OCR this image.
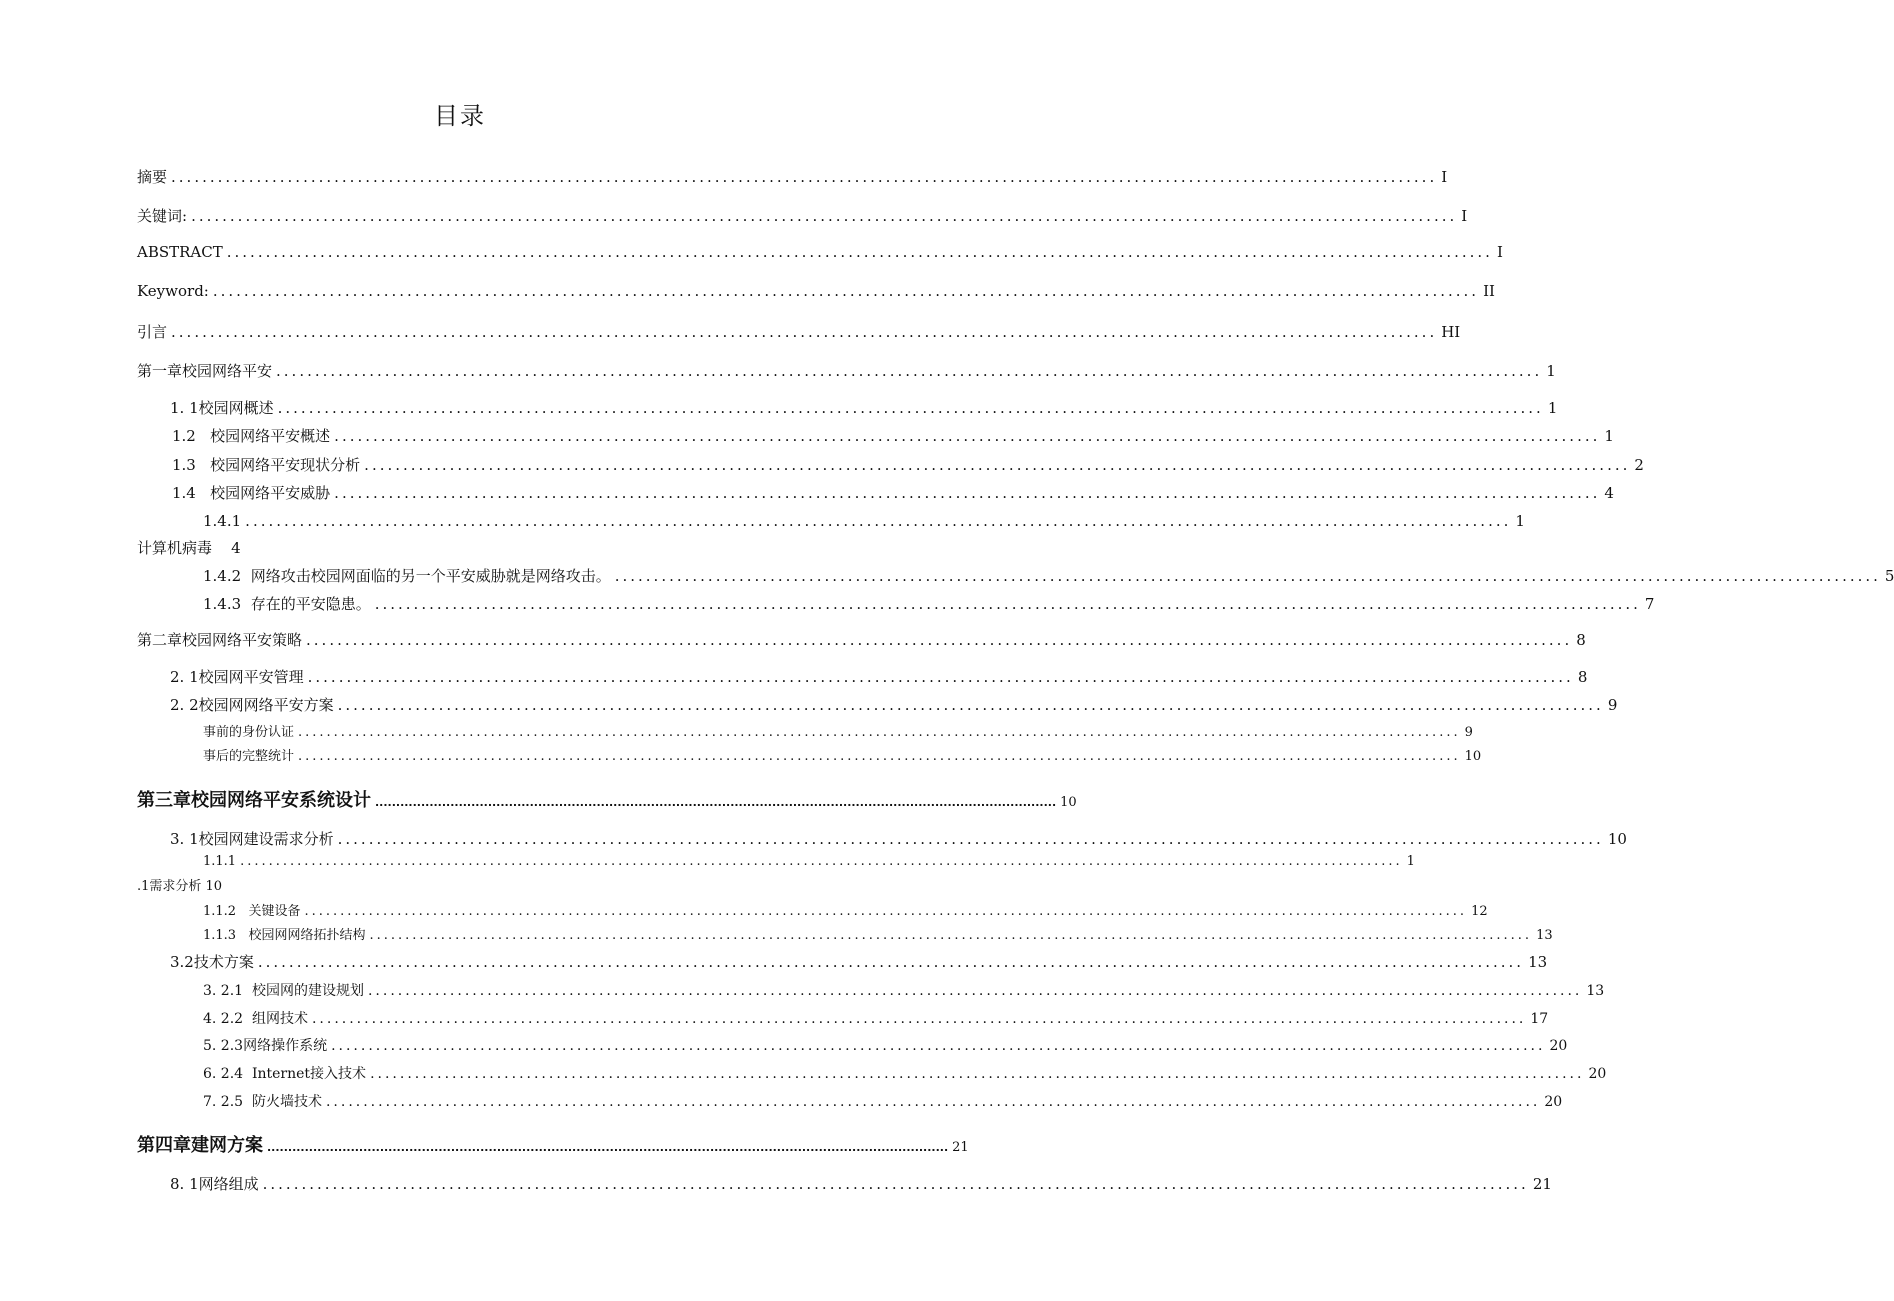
目录
摘要 ................................................................................................................................................................... I
关键词: ................................................................................................................................................................... I
ABSTRACT ................................................................................................................................................................... I
Keyword: ................................................................................................................................................................... II
引言 ................................................................................................................................................................... HI
第一章校园网络平安 ................................................................................................................................................................... 1
1. 1校园网概述 ................................................................................................................................................................... 1
1.2   校园网络平安概述 ................................................................................................................................................................... 1
1.3   校园网络平安现状分析 ................................................................................................................................................................... 2
1.4   校园网络平安威胁 ................................................................................................................................................................... 4
1.4.1 ................................................................................................................................................................... 1
计算机病毒    4
1.4.2  网络攻击校园网面临的另一个平安威胁就是网络攻击。 ................................................................................................................................................................... 5
1.4.3  存在的平安隐患。 ................................................................................................................................................................... 7
第二章校园网络平安策略 ................................................................................................................................................................... 8
2. 1校园网平安管理 ................................................................................................................................................................... 8
2. 2校园网网络平安方案 ................................................................................................................................................................... 9
事前的身份认证 ................................................................................................................................................................... 9
事后的完整统计 ................................................................................................................................................................... 10
第三章校园网络平安系统设计 ................................................................................................................................................................... 10
3. 1校园网建设需求分析 ................................................................................................................................................................... 10
1.1.1 ................................................................................................................................................................... 1
.1需求分析 10
1.1.2   关键设备 ................................................................................................................................................................... 12
1.1.3   校园网网络拓扑结构 ................................................................................................................................................................... 13
3.2技术方案 ................................................................................................................................................................... 13
3. 2.1  校园网的建设规划 ................................................................................................................................................................... 13
4. 2.2  组网技术 ................................................................................................................................................................... 17
5. 2.3网络操作系统 ................................................................................................................................................................... 20
6. 2.4  Internet接入技术 ................................................................................................................................................................... 20
7. 2.5  防火墙技术 ................................................................................................................................................................... 20
第四章建网方案 ................................................................................................................................................................... 21
8. 1网络组成 ................................................................................................................................................................... 21
